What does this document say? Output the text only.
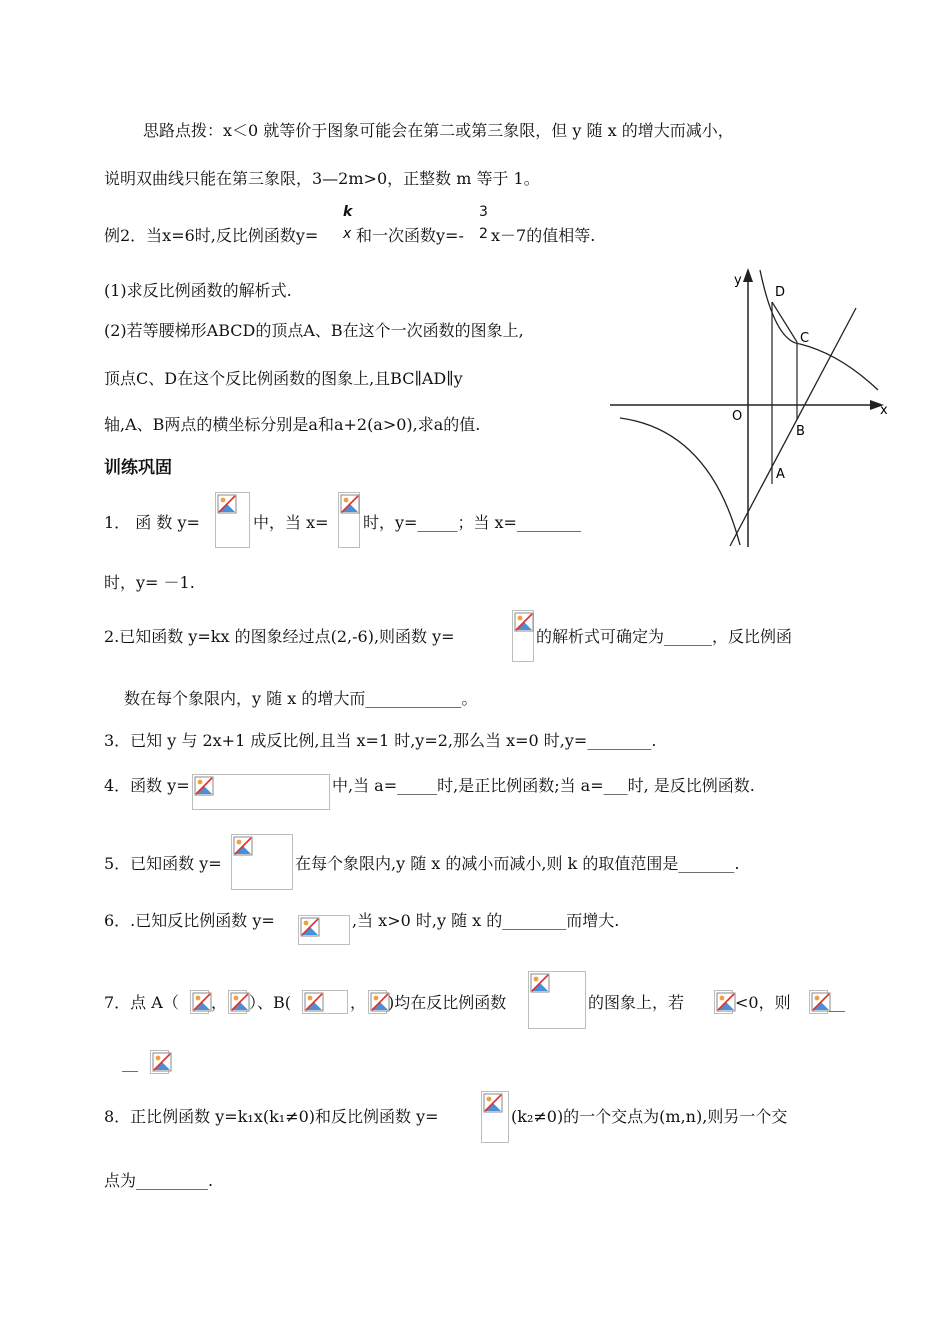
思路点拨：x＜0 就等价于图象可能会在第二或第三象限，但 y 随 x 的增大而减小，
说明双曲线只能在第三象限，3—2m>0，正整数 m 等于 1。
例2．当x=6时,反比例函数y=
k
x 和一次函数y=-
3
2 x－7的值相等.
(1)求反比例函数的解析式.
(2)若等腰梯形ABCD的顶点A、B在这个一次函数的图象上,
顶点C、D在这个反比例函数的图象上,且BC∥AD∥y
轴,A、B两点的横坐标分别是a和a+2(a>0),求a的值.
x
y
O
D
C
B
A
训练巩固
1． 函 数 y=	中，当 x= 时，y=_____；当 x=________
时，y= －1.
2.已知函数 y=kx 的图象经过点(2,-6),则函数 y=	的解析式可确定为______，反比例函
数在每个象限内，y 随 x 的增大而____________。
3．已知 y 与 2x+1 成反比例,且当 x=1 时,y=2,那么当 x=0 时,y=________.
4．函数 y=	中,当 a=_____时,是正比例函数;当 a=___时, 是反比例函数.
5．已知函数 y=	在每个象限内,y 随 x 的减小而减小,则 k 的取值范围是_______.
6．.已知反比例函数 y=	,当 x>0 时,y 随 x 的________而增大.
7．点 A（ ， ）、B(	， )均在反比例函数	的图象上，若	<0，则 __
__
8．正比例函数 y=k₁x(k₁≠0)和反比例函数 y=	(k₂≠0)的一个交点为(m,n),则另一个交
点为_________.
